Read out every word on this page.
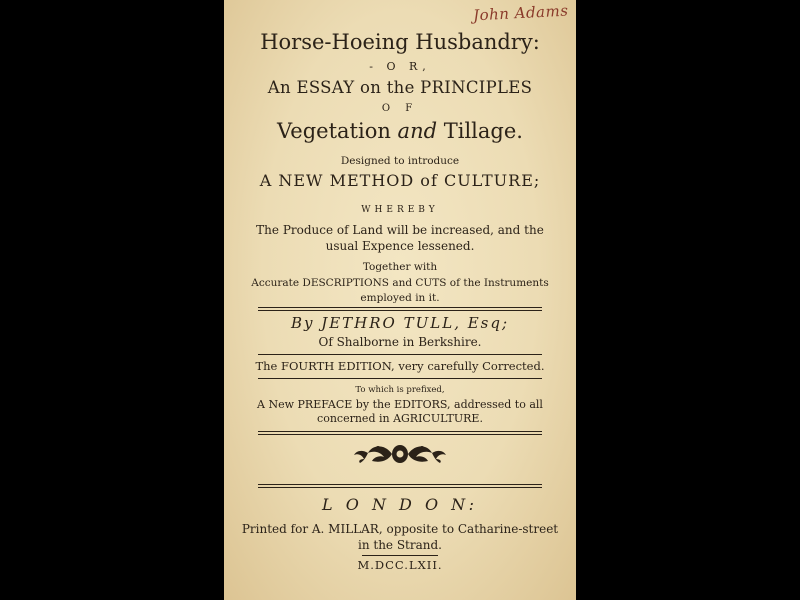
John Adams
Horse-Hoeing Husbandry:
- O R,
An ESSAY on the PRINCIPLES
O F
Vegetation and Tillage.
Designed to introduce
A NEW METHOD of CULTURE;
WHEREBY
The Produce of Land will be increased, and the
usual Expence lessened.
Together with
Accurate DESCRIPTIONS and CUTS of the Instruments
employed in it.
By JETHRO TULL, Esq;
Of Shalborne in Berkshire.
The FOURTH EDITION, very carefully Corrected.
To which is prefixed,
A New PREFACE by the EDITORS, addressed to all
concerned in AGRICULTURE.
L O N D O N:
Printed for A. MILLAR, opposite to Catharine-street
in the Strand.
M.DCC.LXII.
